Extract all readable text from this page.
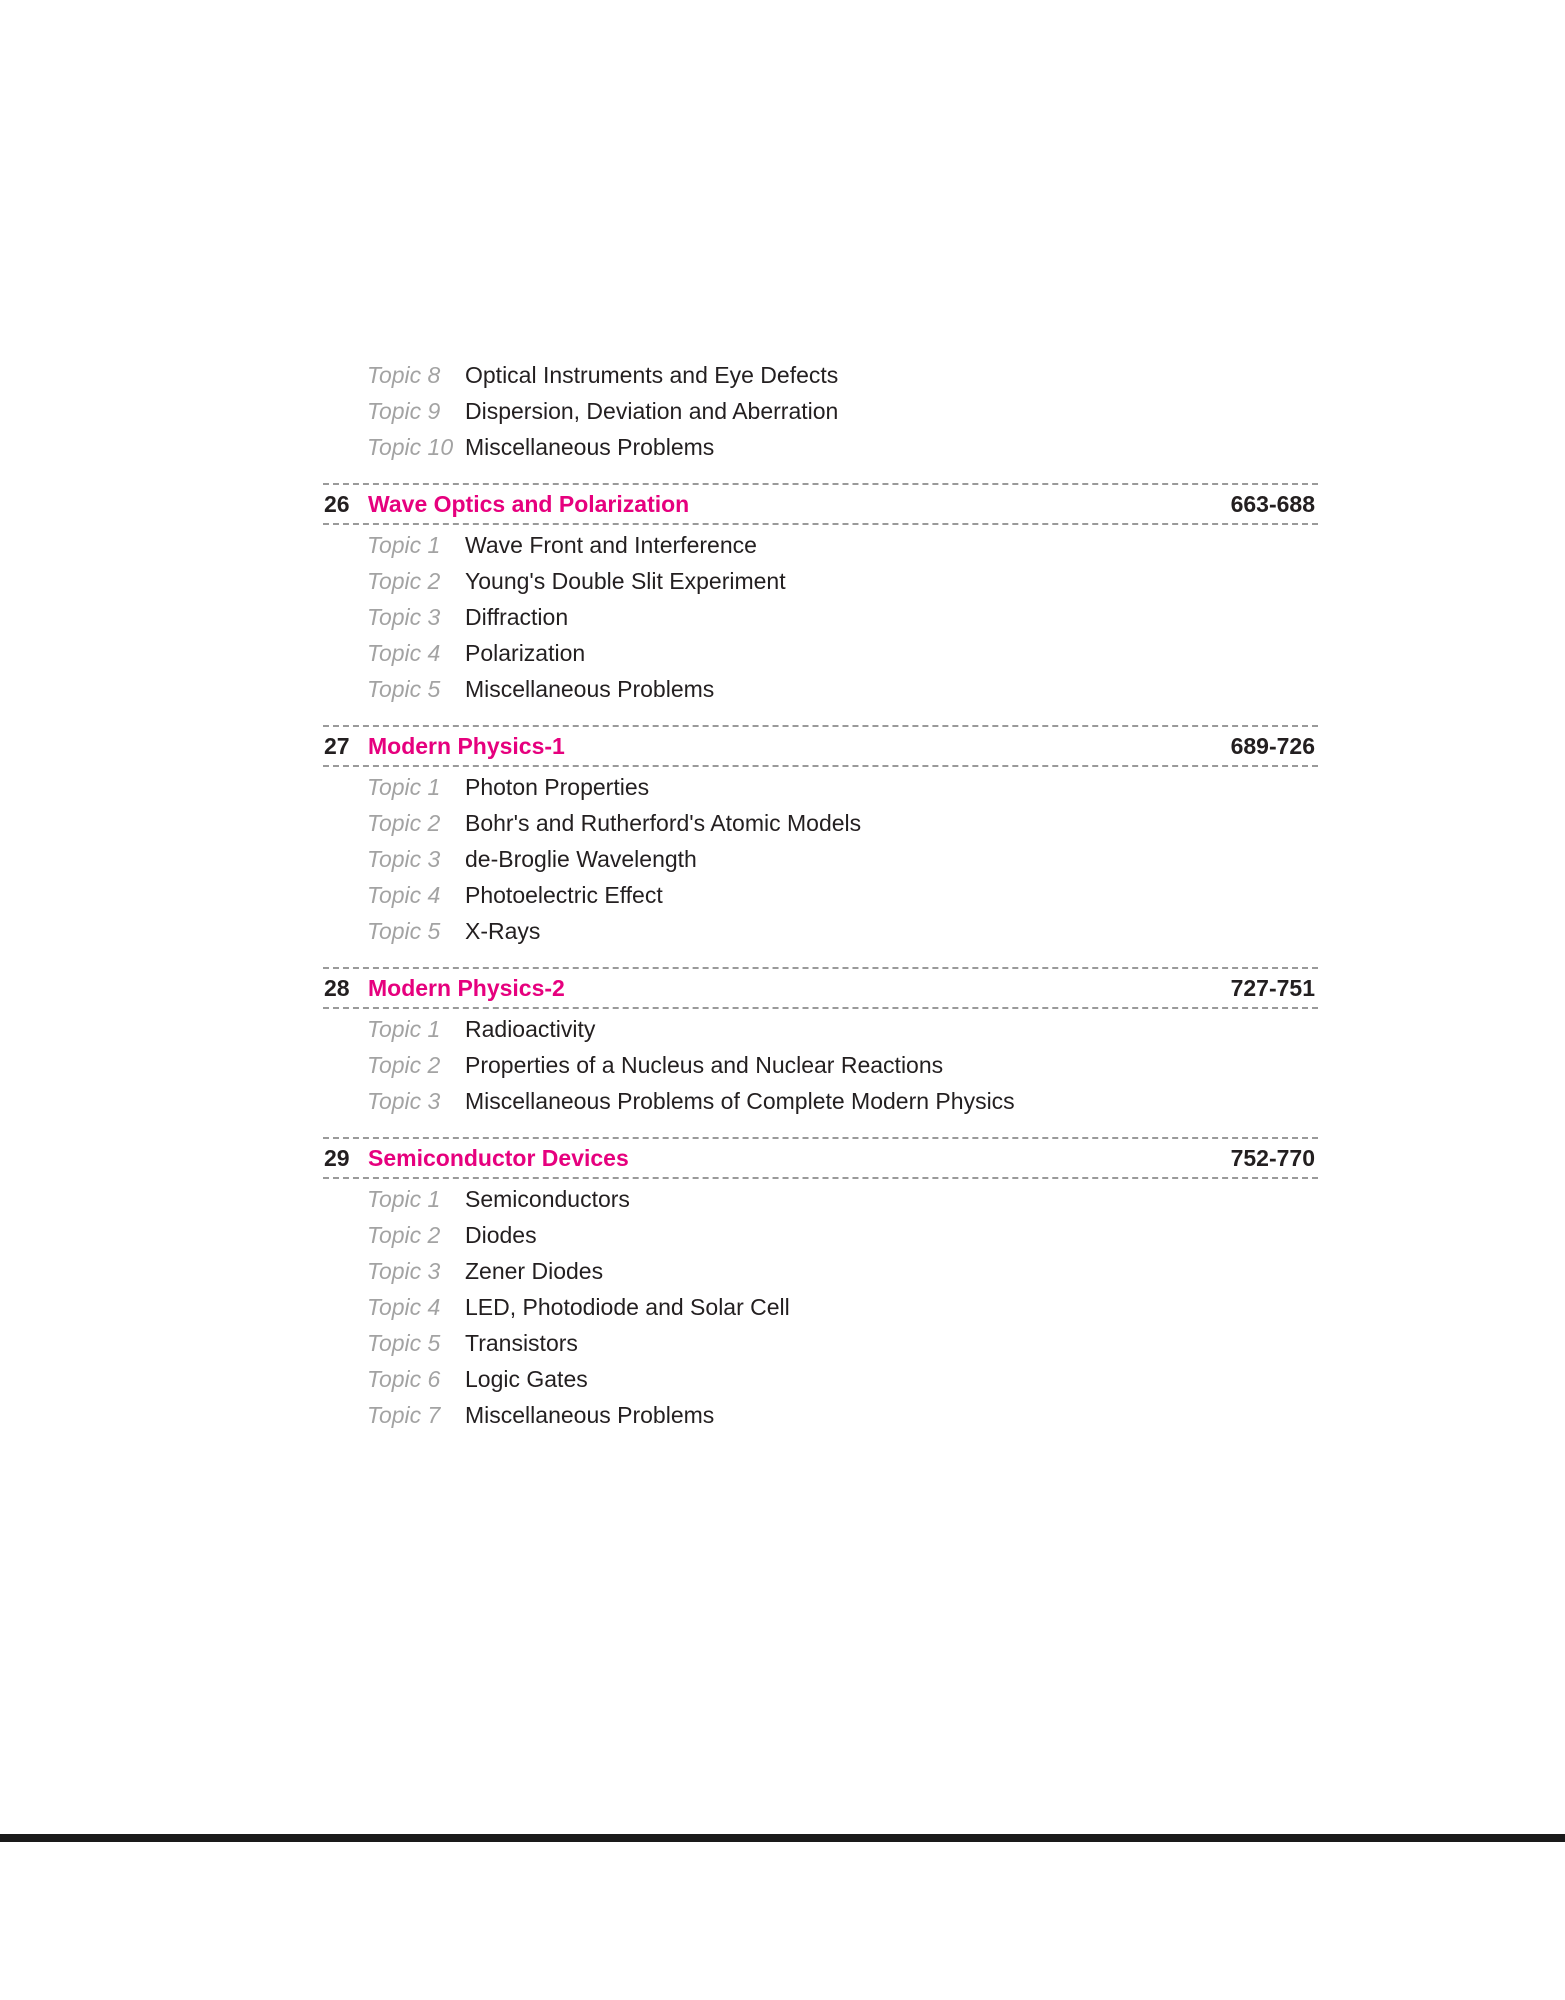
Topic 8	Optical Instruments and Eye Defects
Topic 9	Dispersion, Deviation and Aberration
Topic 10 Miscellaneous Problems
26 Wave Optics and Polarization	663-688
Topic 1	Wave Front and Interference
Topic 2	Young's Double Slit Experiment
Topic 3	Diffraction
Topic 4	Polarization
Topic 5	Miscellaneous Problems
27 Modern Physics-1	689-726
Topic 1	Photon Properties
Topic 2	Bohr's and Rutherford's Atomic Models
Topic 3	de-Broglie Wavelength
Topic 4	Photoelectric Effect
Topic 5	X-Rays
28 Modern Physics-2	727-751
Topic 1	Radioactivity
Topic 2	Properties of a Nucleus and Nuclear Reactions
Topic 3	Miscellaneous Problems of Complete Modern Physics
29 Semiconductor Devices	752-770
Topic 1	Semiconductors
Topic 2	Diodes
Topic 3	Zener Diodes
Topic 4	LED, Photodiode and Solar Cell
Topic 5	Transistors
Topic 6	Logic Gates
Topic 7	Miscellaneous Problems
